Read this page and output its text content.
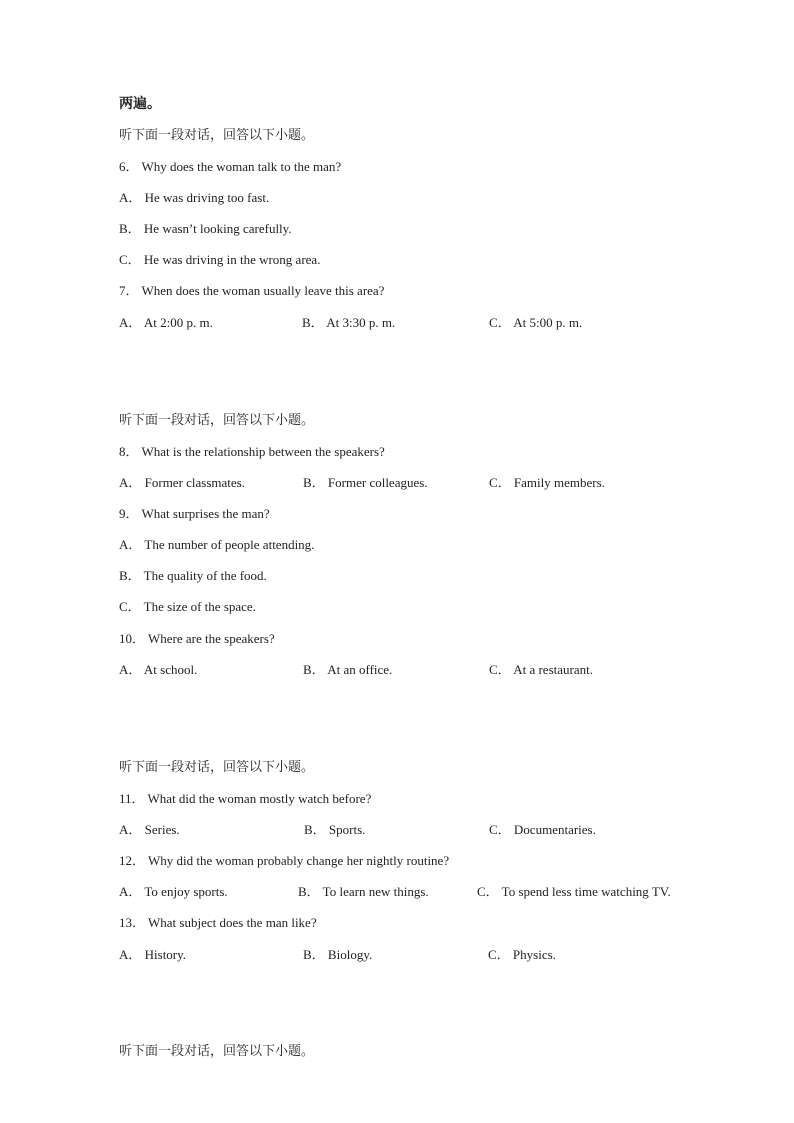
两遍。
听下面一段对话，回答以下小题。
6． Why does the woman talk to the man?
A． He was driving too fast.
B． He wasn’t looking carefully.
C． He was driving in the wrong area.
7． When does the woman usually leave this area?
A． At 2:00 p. m.	B． At 3:30 p. m.	C． At 5:00 p. m.
听下面一段对话，回答以下小题。
8． What is the relationship between the speakers?
A． Former classmates.	B． Former colleagues.	C． Family members.
9． What surprises the man?
A． The number of people attending.
B． The quality of the food.
C． The size of the space.
10． Where are the speakers?
A． At school.	B． At an office.	C． At a restaurant.
听下面一段对话，回答以下小题。
11． What did the woman mostly watch before?
A． Series.	B． Sports.	C． Documentaries.
12． Why did the woman probably change her nightly routine?
A． To enjoy sports.	B． To learn new things.	C． To spend less time watching TV.
13． What subject does the man like?
A． History.	B． Biology.	C． Physics.
听下面一段对话，回答以下小题。
